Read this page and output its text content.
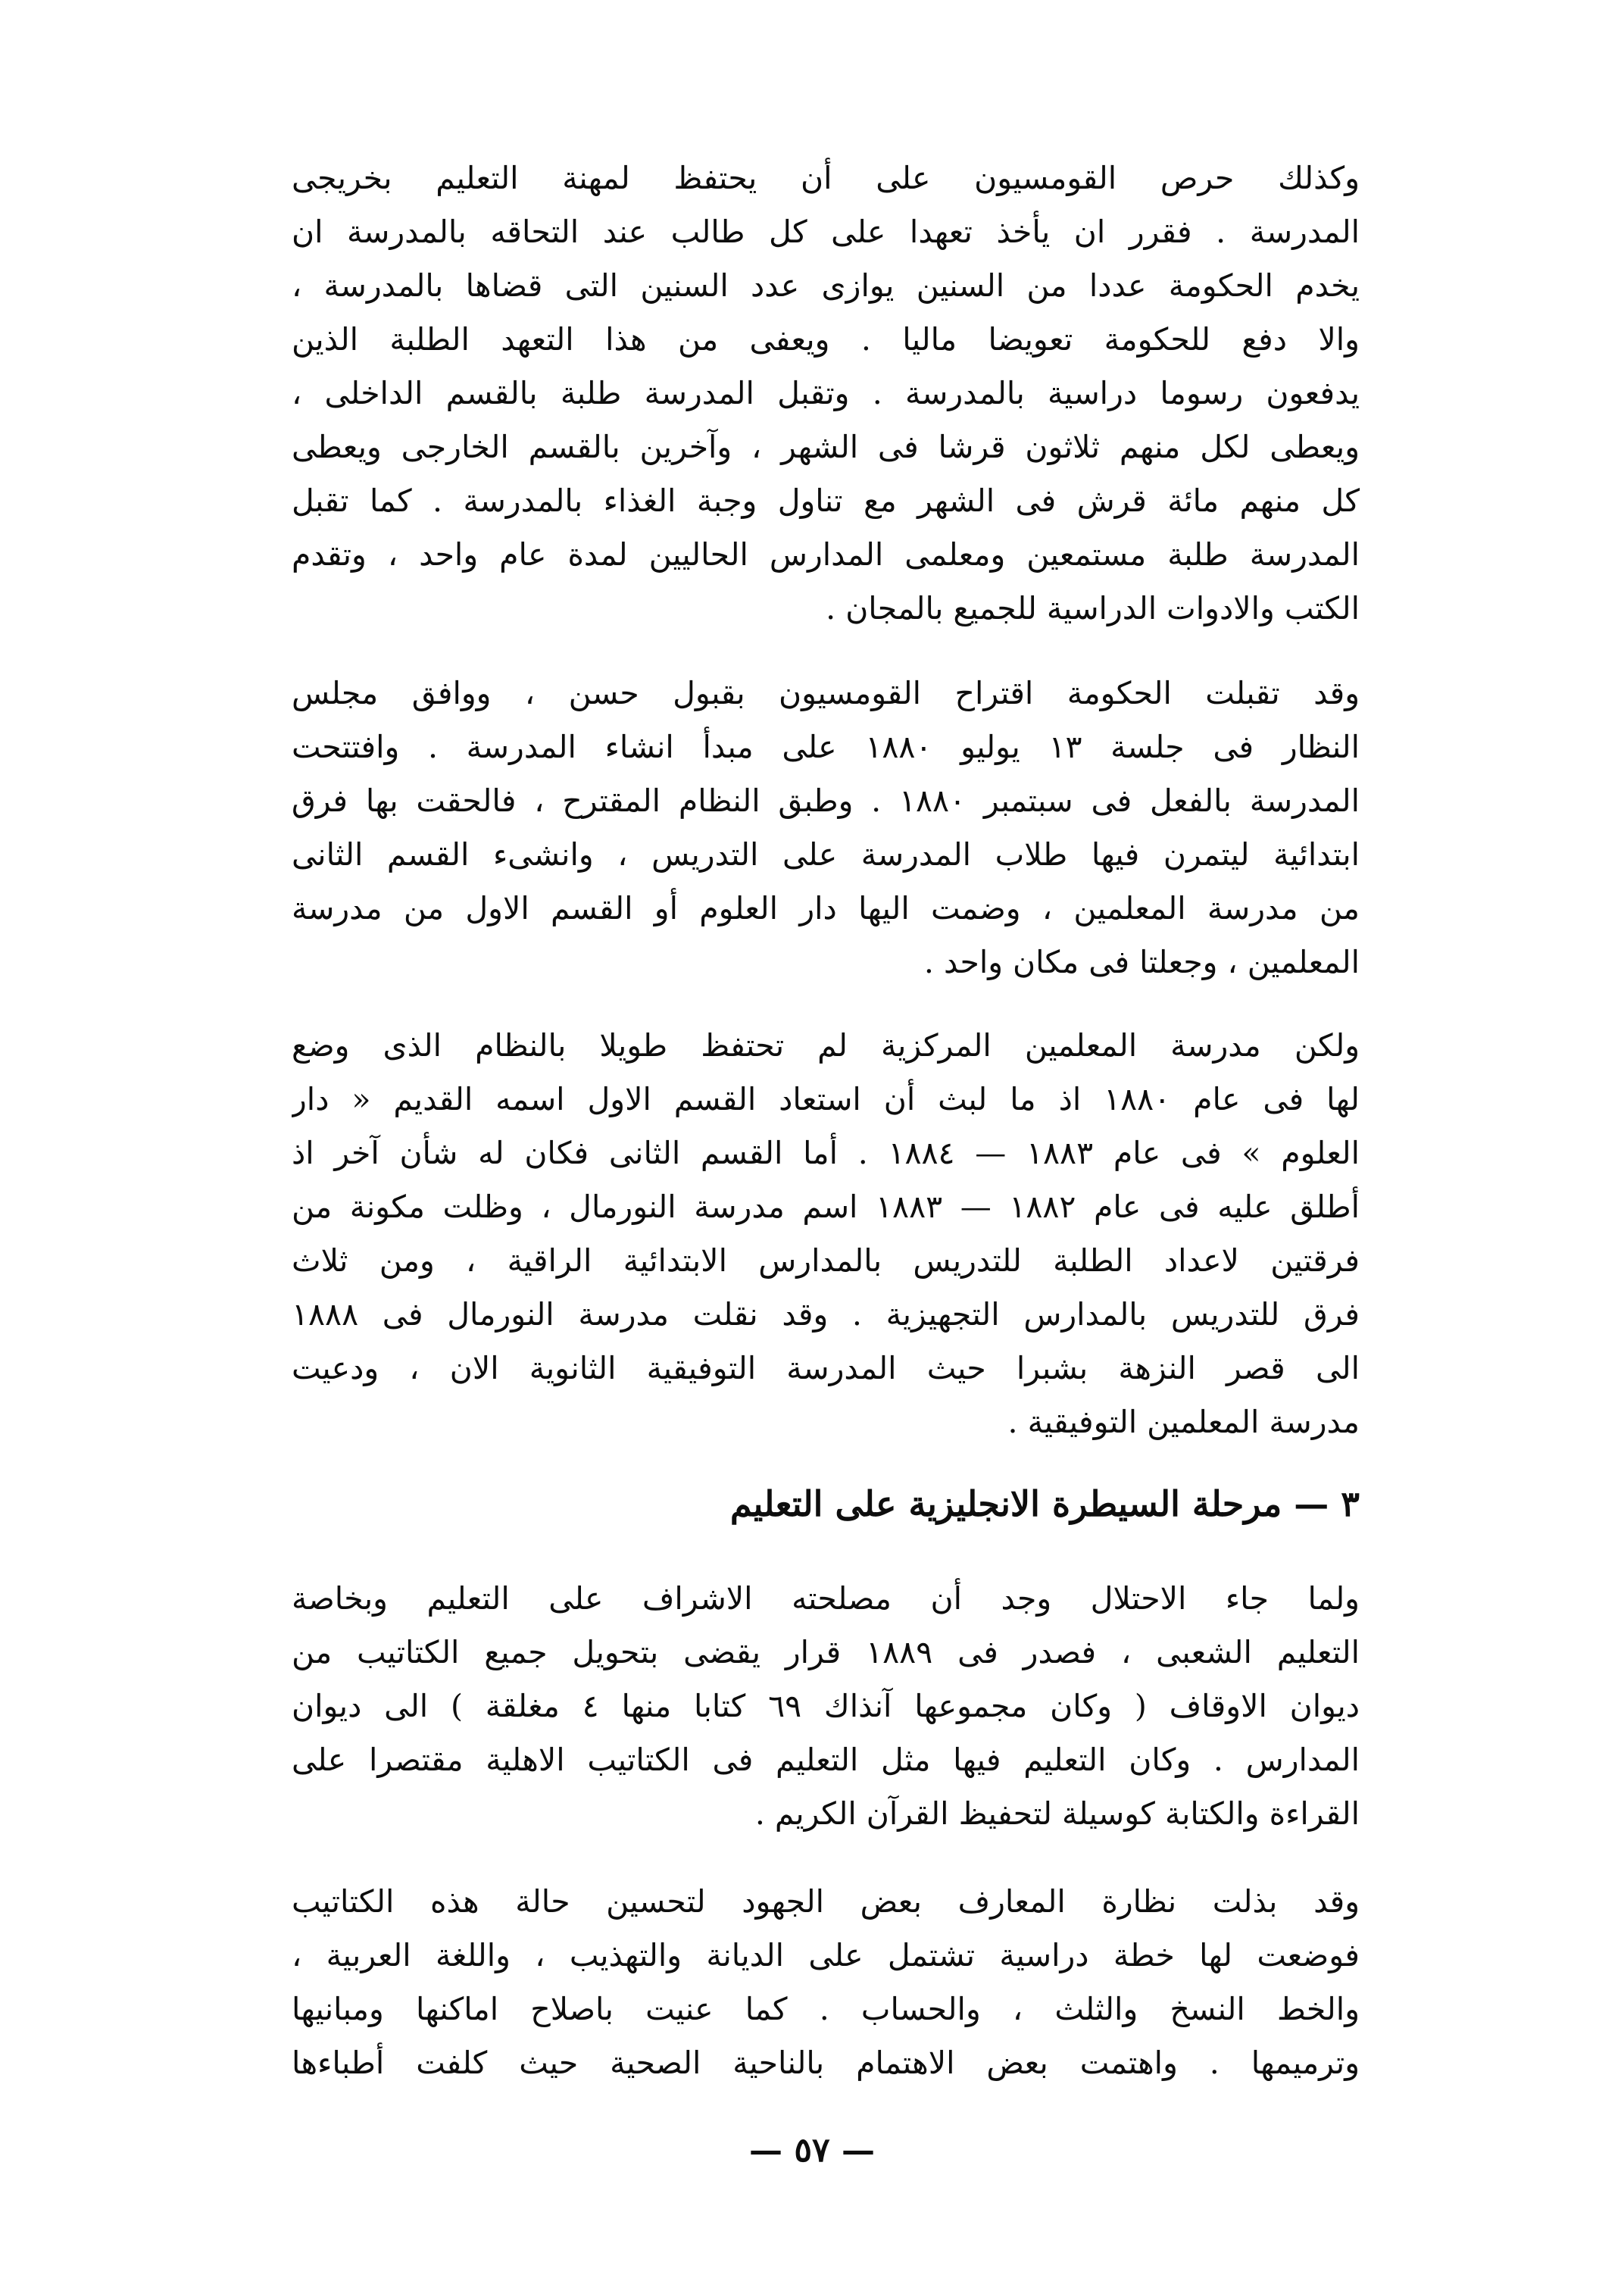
وكذلك حرص القومسيون على أن يحتفظ لمهنة التعليم بخريجى
المدرسة . فقرر ان يأخذ تعهدا على كل طالب عند التحاقه بالمدرسة ان
يخدم الحكومة عددا من السنين يوازى عدد السنين التى قضاها بالمدرسة ،
والا دفع للحكومة تعويضا ماليا . ويعفى من هذا التعهد الطلبة الذين
يدفعون رسوما دراسية بالمدرسة . وتقبل المدرسة طلبة بالقسم الداخلى ،
ويعطى لكل منهم ثلاثون قرشا فى الشهر ، وآخرين بالقسم الخارجى ويعطى
كل منهم مائة قرش فى الشهر مع تناول وجبة الغذاء بالمدرسة . كما تقبل
المدرسة طلبة مستمعين ومعلمى المدارس الحاليين لمدة عام واحد ، وتقدم
الكتب والادوات الدراسية للجميع بالمجان .
وقد تقبلت الحكومة اقتراح القومسيون بقبول حسن ، ووافق مجلس
النظار فى جلسة ١٣ يوليو ١٨٨٠ على مبدأ انشاء المدرسة . وافتتحت
المدرسة بالفعل فى سبتمبر ١٨٨٠ . وطبق النظام المقترح ، فالحقت بها فرق
ابتدائية ليتمرن فيها طلاب المدرسة على التدريس ، وانشىء القسم الثانى
من مدرسة المعلمين ، وضمت اليها دار العلوم أو القسم الاول من مدرسة
المعلمين ، وجعلتا فى مكان واحد .
ولكن مدرسة المعلمين المركزية لم تحتفظ طويلا بالنظام الذى وضع
لها فى عام ١٨٨٠ اذ ما لبث أن استعاد القسم الاول اسمه القديم « دار
العلوم » فى عام ١٨٨٣ — ١٨٨٤ . أما القسم الثانى فكان له شأن آخر اذ
أطلق عليه فى عام ١٨٨٢ — ١٨٨٣ اسم مدرسة النورمال ، وظلت مكونة من
فرقتين لاعداد الطلبة للتدريس بالمدارس الابتدائية الراقية ، ومن ثلاث
فرق للتدريس بالمدارس التجهيزية . وقد نقلت مدرسة النورمال فى ١٨٨٨
الى قصر النزهة بشبرا حيث المدرسة التوفيقية الثانوية الان ، ودعيت
مدرسة المعلمين التوفيقية .
٣ — مرحلة السيطرة الانجليزية على التعليم
ولما جاء الاحتلال وجد أن مصلحته الاشراف على التعليم وبخاصة
التعليم الشعبى ، فصدر فى ١٨٨٩ قرار يقضى بتحويل جميع الكتاتيب من
ديوان الاوقاف ( وكان مجموعها آنذاك ٦٩ كتابا منها ٤ مغلقة ) الى ديوان
المدارس . وكان التعليم فيها مثل التعليم فى الكتاتيب الاهلية مقتصرا على
القراءة والكتابة كوسيلة لتحفيظ القرآن الكريم .
وقد بذلت نظارة المعارف بعض الجهود لتحسين حالة هذه الكتاتيب
فوضعت لها خطة دراسية تشتمل على الديانة والتهذيب ، واللغة العربية ،
والخط النسخ والثلث ، والحساب . كما عنيت باصلاح اماكنها ومبانيها
وترميمها . واهتمت بعض الاهتمام بالناحية الصحية حيث كلفت أطباءها
— ٥٧ —
